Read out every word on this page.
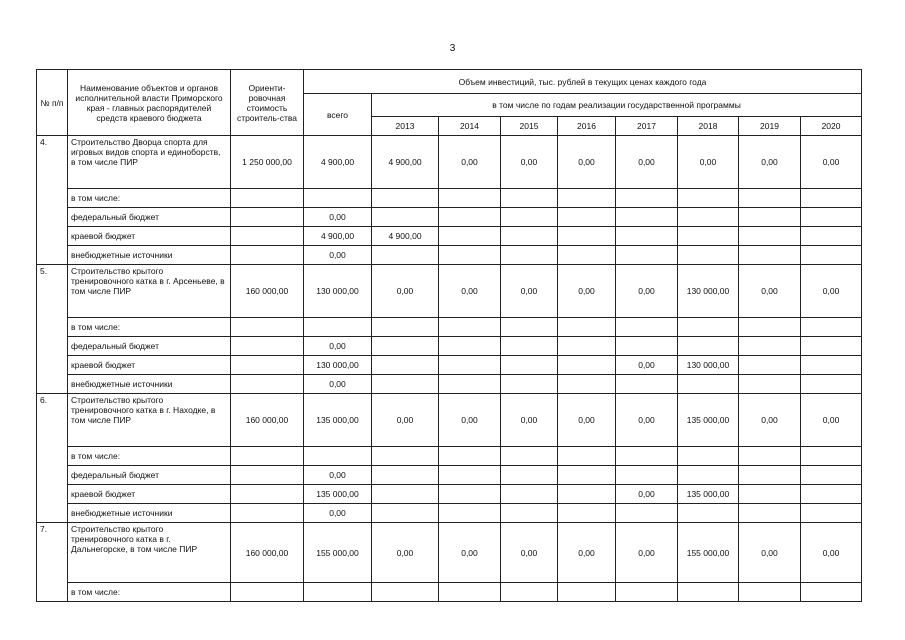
3
№ п/п	Наименование объектов и органов исполнительной власти Приморского края - главных распорядителей средств краевого бюджета	Ориенти-ровочная стоимость строитель-ства	Объем инвестиций, тыс. рублей в текущих ценах каждого года								
			всего	в том числе по годам реализации государственной программы							
				2013	2014	2015	2016	2017	2018	2019	2020
4.	Строительство Дворца спорта для игровых видов спорта и единоборств, в том числе ПИР	1 250 000,00	4 900,00	4 900,00	0,00	0,00	0,00	0,00	0,00	0,00	0,00
	в том числе:										
	федеральный бюджет		0,00								
	краевой бюджет		4 900,00	4 900,00							
	внебюджетные источники		0,00								
5.	Строительство крытого тренировочного катка в г. Арсеньеве, в том числе ПИР	160 000,00	130 000,00	0,00	0,00	0,00	0,00	0,00	130 000,00	0,00	0,00
	в том числе:										
	федеральный бюджет		0,00								
	краевой бюджет		130 000,00					0,00	130 000,00		
	внебюджетные источники		0,00								
6.	Строительство крытого тренировочного катка в г. Находке, в том числе ПИР	160 000,00	135 000,00	0,00	0,00	0,00	0,00	0,00	135 000,00	0,00	0,00
	в том числе:										
	федеральный бюджет		0,00								
	краевой бюджет		135 000,00					0,00	135 000,00		
	внебюджетные источники		0,00								
7.	Строительство крытого тренировочного катка в г. Дальнегорске, в том числе ПИР	160 000,00	155 000,00	0,00	0,00	0,00	0,00	0,00	155 000,00	0,00	0,00
	в том числе:										
